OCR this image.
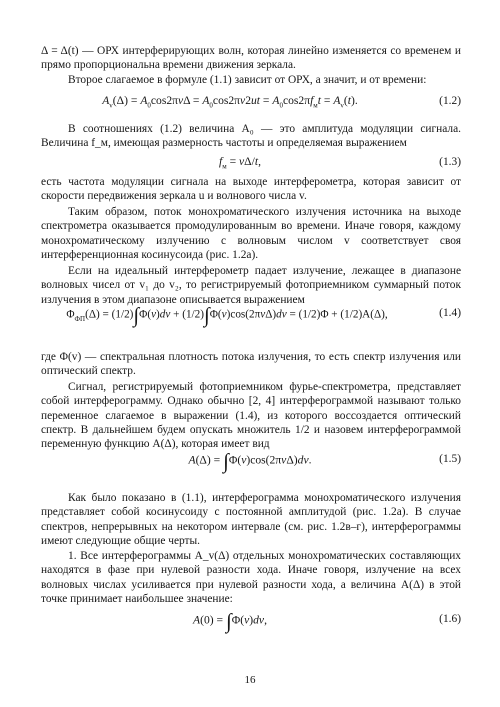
Δ = Δ(t) — ОРХ интерферирующих волн, которая линейно изменяется со временем и прямо пропорциональна времени движения зеркала.

Второе слагаемое в формуле (1.1) зависит от ОРХ, а значит, и от времени:

$A_v(\Delta) = A_0\cos 2\pi v\Delta = A_0\cos 2\pi v2ut = A_0\cos 2\pi f_мt = A_v(t)$.	(1.2)

В соотношениях (1.2) величина A₀ — это амплитуда модуляции сигнала. Величина f_м, имеющая размерность частоты и определяемая выражением

$f_м = v\Delta/t$,	(1.3)

есть частота модуляции сигнала на выходе интерферометра, которая зависит от скорости передвижения зеркала u и волнового числа v.

Таким образом, поток монохроматического излучения источника на выходе спектрометра оказывается промодулированным во времени. Иначе говоря, каждому монохроматическому излучению с волновым числом v соответствует своя интерференционная косинусоида (рис. 1.2а).

Если на идеальный интерферометр падает излучение, лежащее в диапазоне волновых чисел от v₁ до v₂, то регистрируемый фотоприемником суммарный поток излучения в этом диапазоне описывается выражением

$\Phi_{ФП}(\Delta) = (1/2)\int\Phi(v)dv + (1/2)\int\Phi(v)\cos(2\pi v\Delta)dv = (1/2)\Phi + (1/2)A(\Delta)$,	(1.4)

где Φ(v) — спектральная плотность потока излучения, то есть спектр излучения или оптический спектр.

Сигнал, регистрируемый фотоприемником фурье-спектрометра, представляет собой интерферограмму. Однако обычно [2, 4] интерферограммой называют только переменное слагаемое в выражении (1.4), из которого воссоздается оптический спектр. В дальнейшем будем опускать множитель 1/2 и назовем интерферограммой переменную функцию A(Δ), которая имеет вид

A(Δ) = ∫Φ(v)cos(2πvΔ)dv.	(1.5)

Как было показано в (1.1), интерферограмма монохроматического излучения представляет собой косинусоиду с постоянной амплитудой (рис. 1.2а). В случае спектров, непрерывных на некотором интервале (см. рис. 1.2в–г), интерферограммы имеют следующие общие черты.

1. Все интерферограммы A_v(Δ) отдельных монохроматических составляющих находятся в фазе при нулевой разности хода. Иначе говоря, излучение на всех волновых числах усиливается при нулевой разности хода, а величина A(Δ) в этой точке принимает наибольшее значение:

A(0) = ∫Φ(v)dv,	(1.6)
16
